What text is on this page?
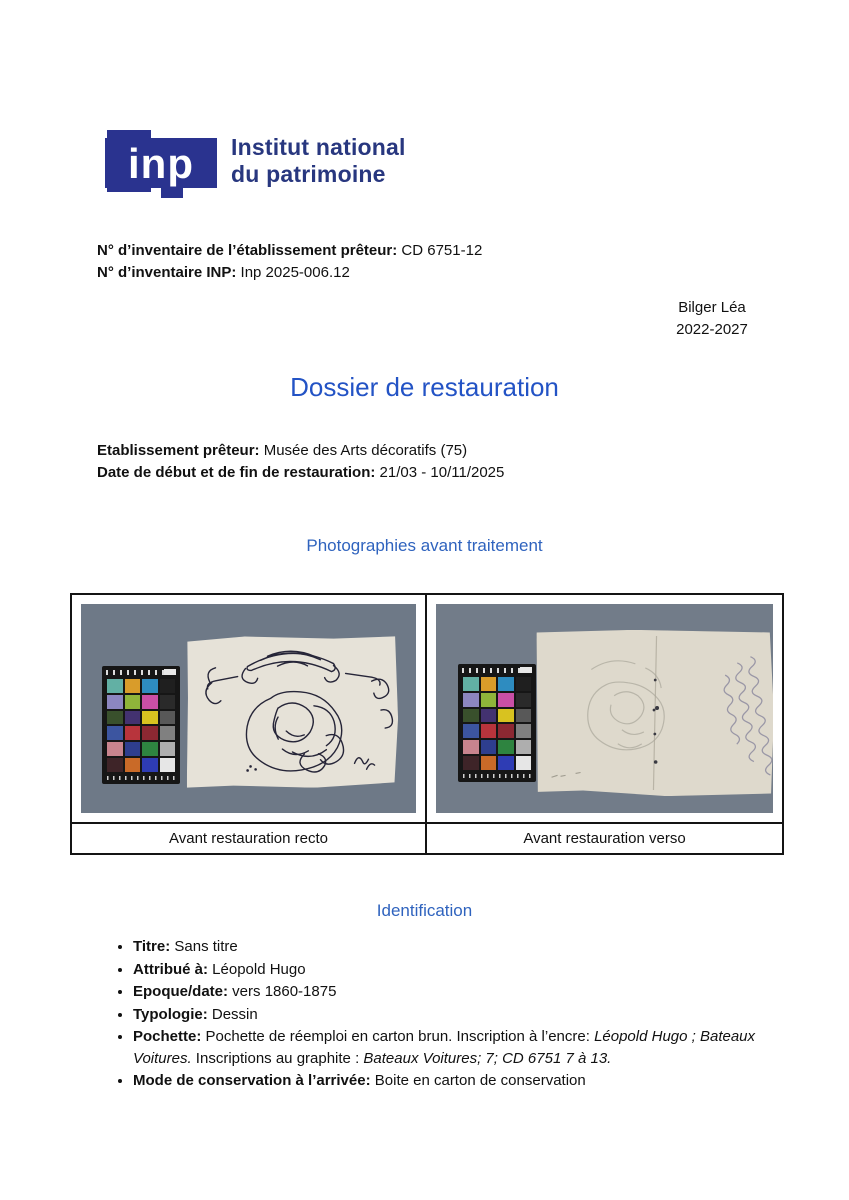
inp	Institut national
du patrimoine
N° d’inventaire de l’établissement prêteur: CD 6751-12
N° d’inventaire INP: Inp 2025-006.12
Bilger Léa
2022-2027
Dossier de restauration
Etablissement prêteur: Musée des Arts décoratifs (75)
Date de début et de fin de restauration: 21/03 - 10/11/2025
Photographies avant traitement
Avant restauration recto	Avant restauration verso
Identification
• Titre: Sans titre
• Attribué à: Léopold Hugo
• Epoque/date: vers 1860-1875
• Typologie: Dessin
• Pochette: Pochette de réemploi en carton brun. Inscription à l’encre: Léopold Hugo ; Bateaux Voitures. Inscriptions au graphite : Bateaux Voitures; 7; CD 6751 7 à 13.
• Mode de conservation à l’arrivée: Boite en carton de conservation
